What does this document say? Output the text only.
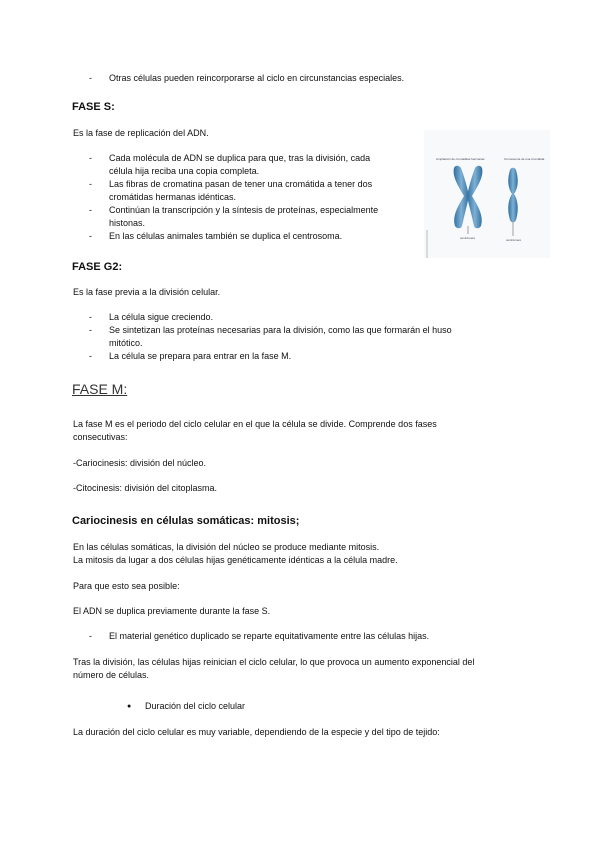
- Otras células pueden reincorporarse al ciclo en circunstancias especiales.

FASE S:

Es la fase de replicación del ADN.

- Cada molécula de ADN se duplica para que, tras la división, cada
célula hija reciba una copia completa.
- Las fibras de cromatina pasan de tener una cromátida a tener dos
cromátidas hermanas idénticas.
- Continúan la transcripción y la síntesis de proteínas, especialmente
histonas.
- En las células animales también se duplica el centrosoma.
Ampliación de cromátidas hermanas	Cromosoma de una cromátida
centrómero	centrómero

FASE G2:

Es la fase previa a la división celular.

- La célula sigue creciendo.
- Se sintetizan las proteínas necesarias para la división, como las que formarán el huso
mitótico.
- La célula se prepara para entrar en la fase M.

FASE M:

La fase M es el periodo del ciclo celular en el que la célula se divide. Comprende dos fases
consecutivas:

-Cariocinesis: división del núcleo.

-Citocinesis: división del citoplasma.

Cariocinesis en células somáticas: mitosis;

En las células somáticas, la división del núcleo se produce mediante mitosis.
La mitosis da lugar a dos células hijas genéticamente idénticas a la célula madre.

Para que esto sea posible:

El ADN se duplica previamente durante la fase S.

- El material genético duplicado se reparte equitativamente entre las células hijas.

Tras la división, las células hijas reinician el ciclo celular, lo que provoca un aumento exponencial del
número de células.

● Duración del ciclo celular

La duración del ciclo celular es muy variable, dependiendo de la especie y del tipo de tejido:
